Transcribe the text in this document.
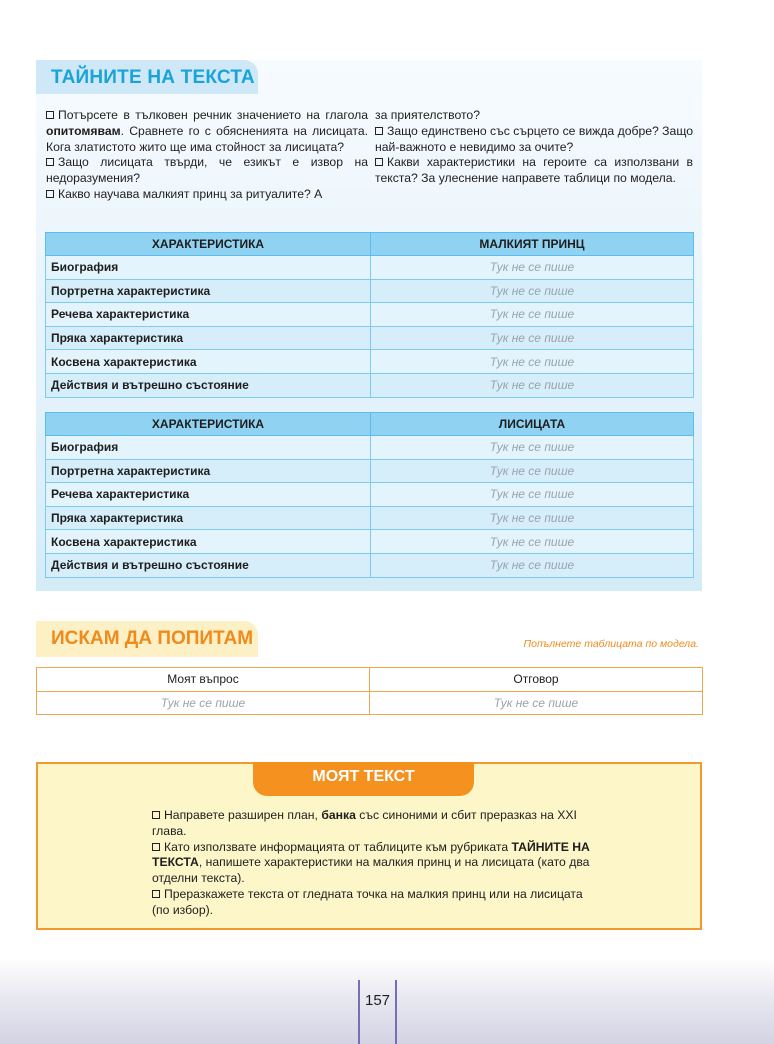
ТАЙНИТЕ НА ТЕКСТА

Потърсете в тълковен речник значението на глагола опитомявам. Сравнете го с обясненията на лисицата. Кога златистото жито ще има стойност за лисицата?

Защо лисицата твърди, че езикът е извор на недоразумения?

Какво научава малкият принц за ритуалите? А

за приятелството?

Защо единствено със сърцето се вижда добре? Защо най-важното е невидимо за очите?

Какви характеристики на героите са използвани в текста? За улеснение направете таблици по модела.

ХАРАКТЕРИСТИКА	МАЛКИЯТ ПРИНЦ
Биография	Тук не се пише
Портретна характеристика	Тук не се пише
Речева характеристика	Тук не се пише
Пряка характеристика	Тук не се пише
Косвена характеристика	Тук не се пише
Действия и вътрешно състояние	Тук не се пише
ХАРАКТЕРИСТИКА	ЛИСИЦАТА
Биография	Тук не се пише
Портретна характеристика	Тук не се пише
Речева характеристика	Тук не се пише
Пряка характеристика	Тук не се пише
Косвена характеристика	Тук не се пише
Действия и вътрешно състояние	Тук не се пише
ИСКАМ ДА ПОПИТАМ	Попълнете таблицата по модела.
Моят въпрос	Отговор
Тук не се пише	Тук не се пише
МОЯТ ТЕКСТ

Направете разширен план, банка със синоними и сбит преразказ на XXI глава.

Като използвате информацията от таблиците към рубриката ТАЙНИТЕ НА ТЕКСТА, напишете характеристики на малкия принц и на лисицата (като два отделни текста).

Преразкажете текста от гледната точка на малкия принц или на лисицата (по избор).

157
